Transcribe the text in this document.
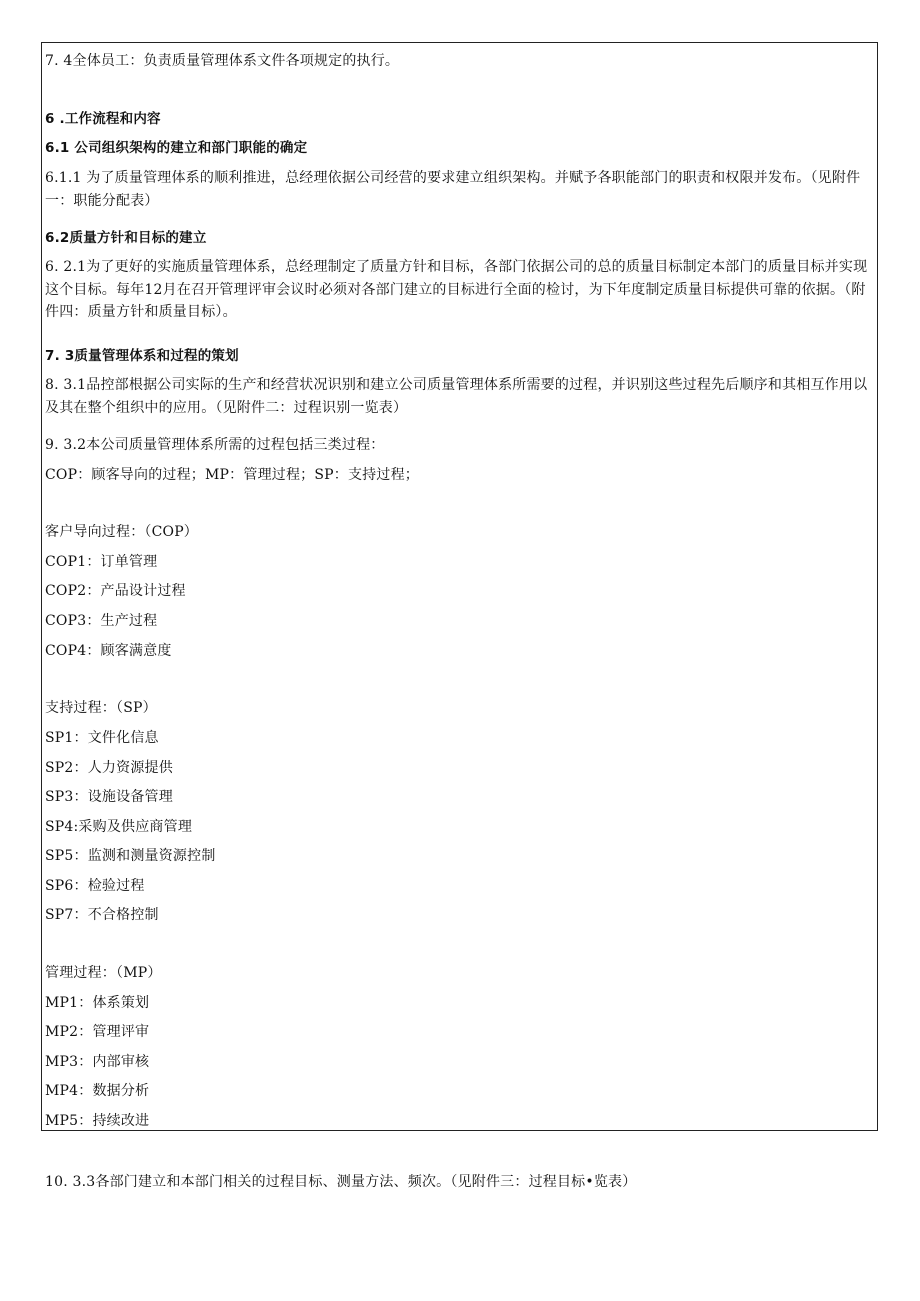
7. 4全体员工：负责质量管理体系文件各项规定的执行。
6 .工作流程和内容
6.1 公司组织架构的建立和部门职能的确定
6.1.1 为了质量管理体系的顺利推进，总经理依据公司经营的要求建立组织架构。并赋予各职能部门的职责和权限并发布。（见附件一：职能分配表）
6.2质量方针和目标的建立
6. 2.1为了更好的实施质量管理体系，总经理制定了质量方针和目标，各部门依据公司的总的质量目标制定本部门的质量目标并实现这个目标。每年12月在召开管理评审会议时必须对各部门建立的目标进行全面的检讨，为下年度制定质量目标提供可靠的依据。（附件四：质量方针和质量目标）。
7. 3质量管理体系和过程的策划
8. 3.1品控部根据公司实际的生产和经营状况识别和建立公司质量管理体系所需要的过程，并识别这些过程先后顺序和其相互作用以及其在整个组织中的应用。（见附件二：过程识别一览表）
9. 3.2本公司质量管理体系所需的过程包括三类过程：
COP：顾客导向的过程；MP：管理过程；SP：支持过程；
客户导向过程：（COP）
COP1：订单管理
COP2：产品设计过程
COP3：生产过程
COP4：顾客满意度
支持过程：（SP）
SP1：文件化信息
SP2：人力资源提供
SP3：设施设备管理
SP4:采购及供应商管理
SP5：监测和测量资源控制
SP6：检验过程
SP7：不合格控制
管理过程：（MP）
MP1：体系策划
MP2：管理评审
MP3：内部审核
MP4：数据分析
MP5：持续改进
10. 3.3各部门建立和本部门相关的过程目标、测量方法、频次。（见附件三：过程目标•览表）
